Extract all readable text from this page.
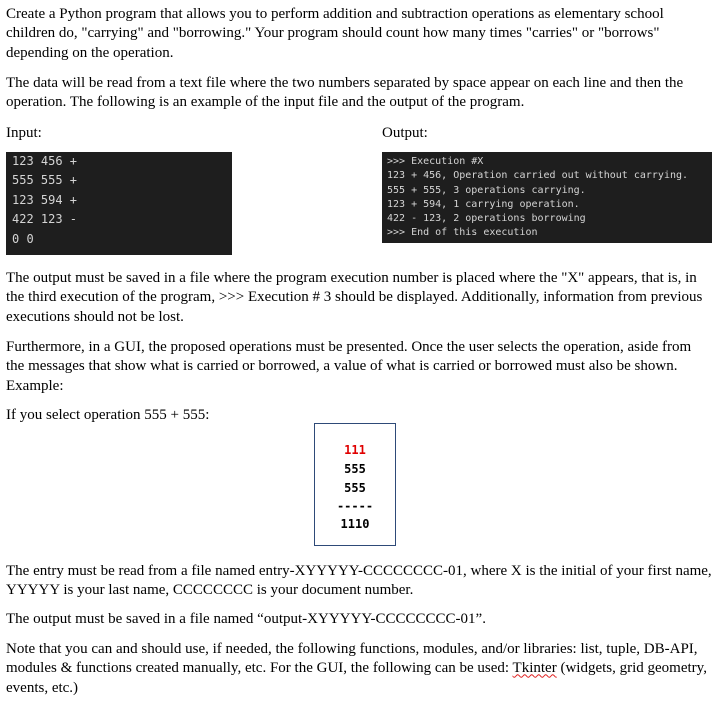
Create a Python program that allows you to perform addition and subtraction operations as elementary school children do, "carrying" and "borrowing." Your program should count how many times "carries" or "borrows" depending on the operation.

The data will be read from a text file where the two numbers separated by space appear on each line and then the operation. The following is an example of the input file and the output of the program.

Input:	Output:
123 456 +
555 555 +
123 594 +
422 123 -
0 0
>>> Execution #X
123 + 456, Operation carried out without carrying.
555 + 555, 3 operations carrying.
123 + 594, 1 carrying operation.
422 - 123, 2 operations borrowing
>>> End of this execution

The output must be saved in a file where the program execution number is placed where the "X" appears, that is, in the third execution of the program, >>> Execution # 3 should be displayed. Additionally, information from previous executions should not be lost.

Furthermore, in a GUI, the proposed operations must be presented. Once the user selects the operation, aside from the messages that show what is carried or borrowed, a value of what is carried or borrowed must also be shown. Example:

If you select operation 555 + 555:

111
555
555
-----
1110

The entry must be read from a file named entry-XYYYYY-CCCCCCCC-01, where X is the initial of your first name, YYYYY is your last name, CCCCCCCC is your document number.

The output must be saved in a file named “output-XYYYYY-CCCCCCCC-01”.

Note that you can and should use, if needed, the following functions, modules, and/or libraries: list, tuple, DB-API, modules & functions created manually, etc. For the GUI, the following can be used: Tkinter (widgets, grid geometry, events, etc.)
